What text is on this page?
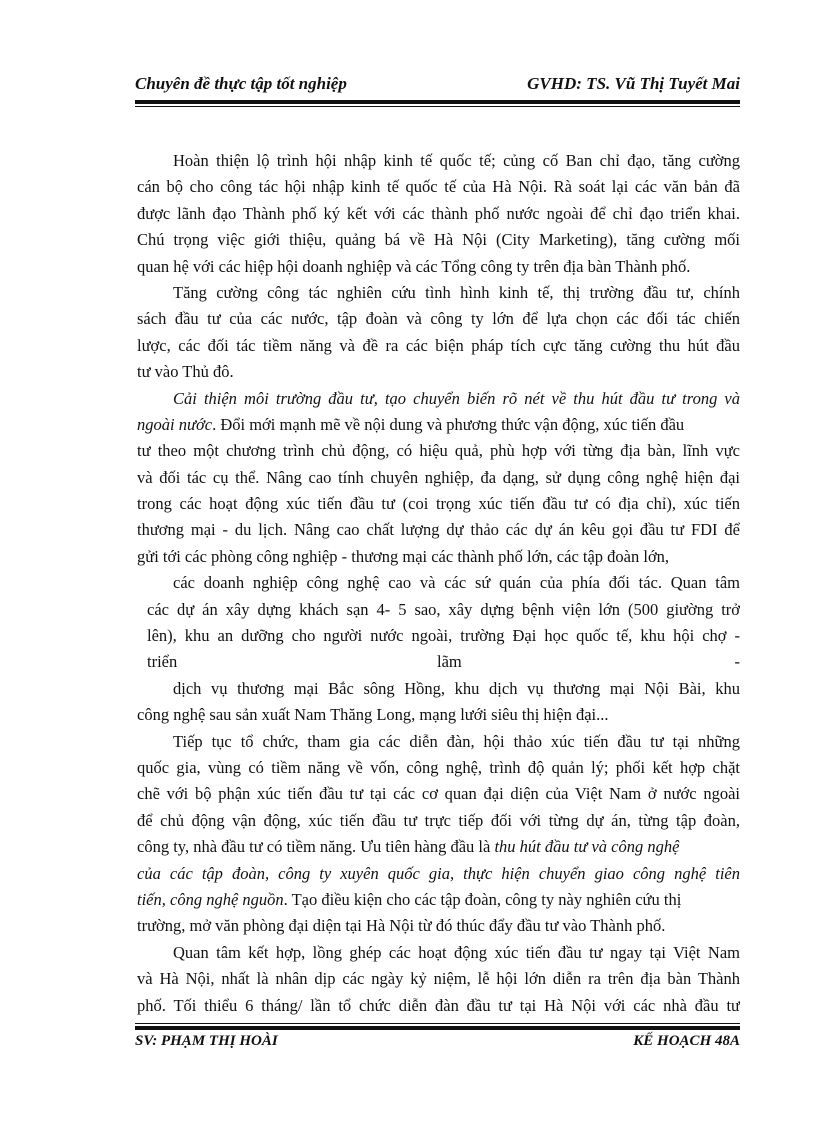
Chuyên đề thực tập tốt nghiệp	GVHD: TS. Vũ Thị Tuyết Mai
Hoàn thiện lộ trình hội nhập kinh tế quốc tế; củng cố Ban chỉ đạo, tăng cường
cán bộ cho công tác hội nhập kinh tế quốc tế của Hà Nội. Rà soát lại các văn bản đã
được lãnh đạo Thành phố ký kết với các thành phố nước ngoài để chỉ đạo triển khai.
Chú trọng việc giới thiệu, quảng bá về Hà Nội (City Marketing), tăng cường mối
quan hệ với các hiệp hội doanh nghiệp và các Tổng công ty trên địa bàn Thành phố.
Tăng cường công tác nghiên cứu tình hình kinh tế, thị trường đầu tư, chính
sách đầu tư của các nước, tập đoàn và công ty lớn để lựa chọn các đối tác chiến
lược, các đối tác tiềm năng và đề ra các biện pháp tích cực tăng cường thu hút đầu
tư vào Thủ đô.
Cải thiện môi trường đầu tư, tạo chuyển biến rõ nét về thu hút đầu tư trong và
ngoài nước. Đổi mới mạnh mẽ về nội dung và phương thức vận động, xúc tiến đầu
tư theo một chương trình chủ động, có hiệu quả, phù hợp với từng địa bàn, lĩnh vực
và đối tác cụ thể. Nâng cao tính chuyên nghiệp, đa dạng, sử dụng công nghệ hiện đại
trong các hoạt động xúc tiến đầu tư (coi trọng xúc tiến đầu tư có địa chỉ), xúc tiến
thương mại - du lịch. Nâng cao chất lượng dự thảo các dự án kêu gọi đầu tư FDI để
gửi tới các phòng công nghiệp - thương mại các thành phố lớn, các tập đoàn lớn,
các doanh nghiệp công nghệ cao và các sứ quán của phía đối tác. Quan tâm
các dự án xây dựng khách sạn 4- 5 sao, xây dựng bệnh viện lớn (500 giường trở
lên), khu an dưỡng cho người nước ngoài, trường Đại học quốc tế, khu hội chợ -
triển	lãm	-
dịch vụ thương mại Bắc sông Hồng, khu dịch vụ thương mại Nội Bài, khu
công nghệ sau sản xuất Nam Thăng Long, mạng lưới siêu thị hiện đại...
Tiếp tục tổ chức, tham gia các diễn đàn, hội thảo xúc tiến đầu tư tại những
quốc gia, vùng có tiềm năng về vốn, công nghệ, trình độ quản lý; phối kết hợp chặt
chẽ với bộ phận xúc tiến đầu tư tại các cơ quan đại diện của Việt Nam ở nước ngoài
để chủ động vận động, xúc tiến đầu tư trực tiếp đối với từng dự án, từng tập đoàn,
công ty, nhà đầu tư có tiềm năng. Ưu tiên hàng đầu là thu hút đầu tư và công nghệ
của các tập đoàn, công ty xuyên quốc gia, thực hiện chuyển giao công nghệ tiên
tiến, công nghệ nguồn. Tạo điều kiện cho các tập đoàn, công ty này nghiên cứu thị
trường, mở văn phòng đại diện tại Hà Nội từ đó thúc đẩy đầu tư vào Thành phố.
Quan tâm kết hợp, lồng ghép các hoạt động xúc tiến đầu tư ngay tại Việt Nam
và Hà Nội, nhất là nhân dịp các ngày kỷ niệm, lễ hội lớn diễn ra trên địa bàn Thành
phố. Tối thiểu 6 tháng/ lần tổ chức diễn đàn đầu tư tại Hà Nội với các nhà đầu tư
SV: PHẠM THỊ HOÀI	KẾ HOẠCH 48A
